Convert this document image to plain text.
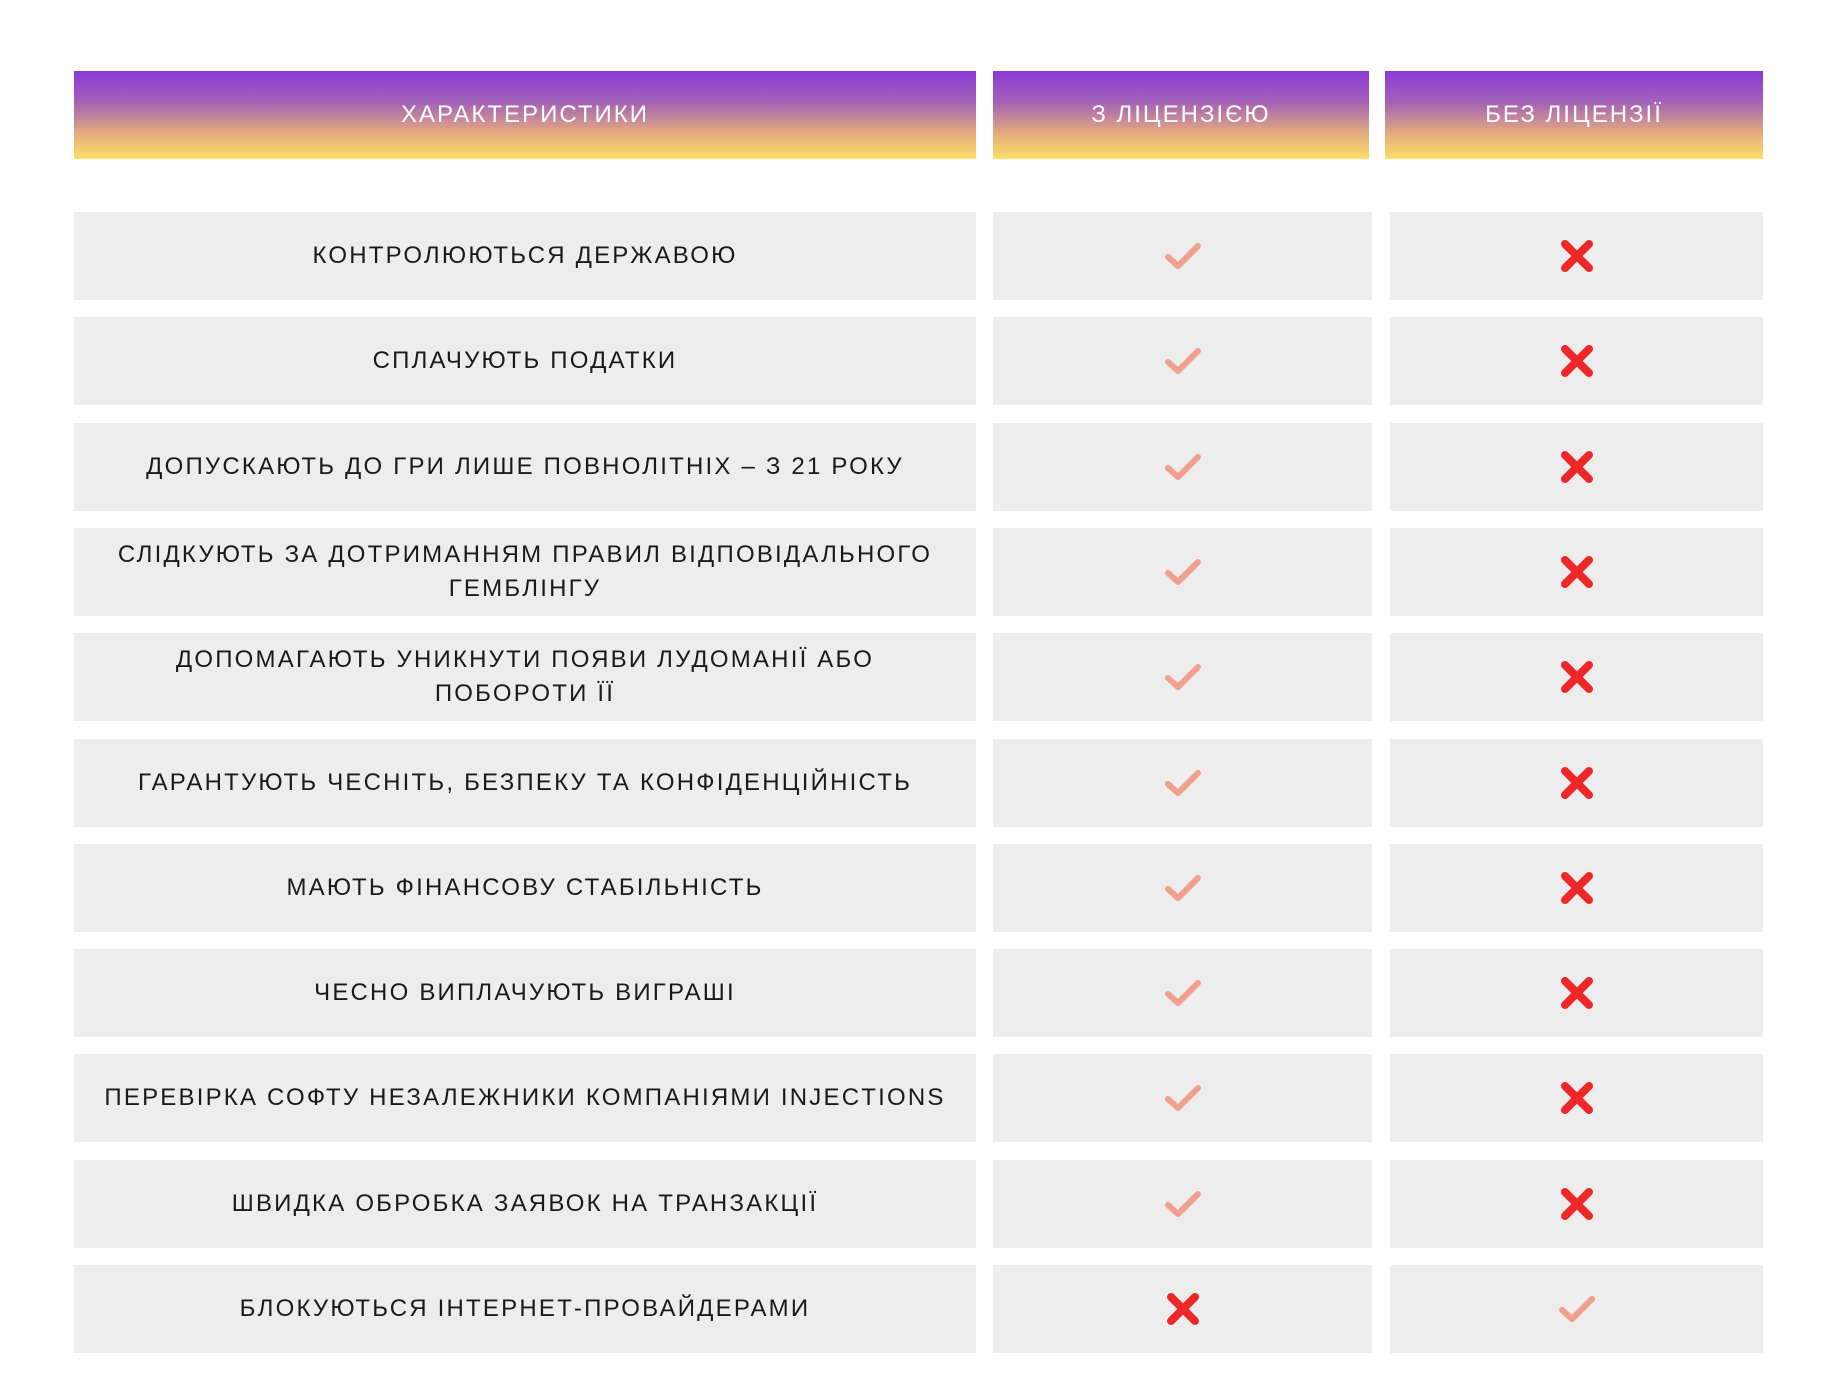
ХАРАКТЕРИСТИКИ	З ЛІЦЕНЗІЄЮ	БЕЗ ЛІЦЕНЗІЇ
КОНТРОЛЮЮТЬСЯ ДЕРЖАВОЮ
СПЛАЧУЮТЬ ПОДАТКИ
ДОПУСКАЮТЬ ДО ГРИ ЛИШЕ ПОВНОЛІТНІХ – З 21 РОКУ
СЛІДКУЮТЬ ЗА ДОТРИМАННЯМ ПРАВИЛ ВІДПОВІДАЛЬНОГО ГЕМБЛІНГУ
ДОПОМАГАЮТЬ УНИКНУТИ ПОЯВИ ЛУДОМАНІЇ АБО ПОБОРОТИ ЇЇ
ГАРАНТУЮТЬ ЧЕСНІТЬ, БЕЗПЕКУ ТА КОНФІДЕНЦІЙНІСТЬ
МАЮТЬ ФІНАНСОВУ СТАБІЛЬНІСТЬ
ЧЕСНО ВИПЛАЧУЮТЬ ВИГРАШІ
ПЕРЕВІРКА СОФТУ НЕЗАЛЕЖНИКИ КОМПАНІЯМИ INJECTIONS
ШВИДКА ОБРОБКА ЗАЯВОК НА ТРАНЗАКЦІЇ
БЛОКУЮТЬСЯ ІНТЕРНЕТ-ПРОВАЙДЕРАМИ
